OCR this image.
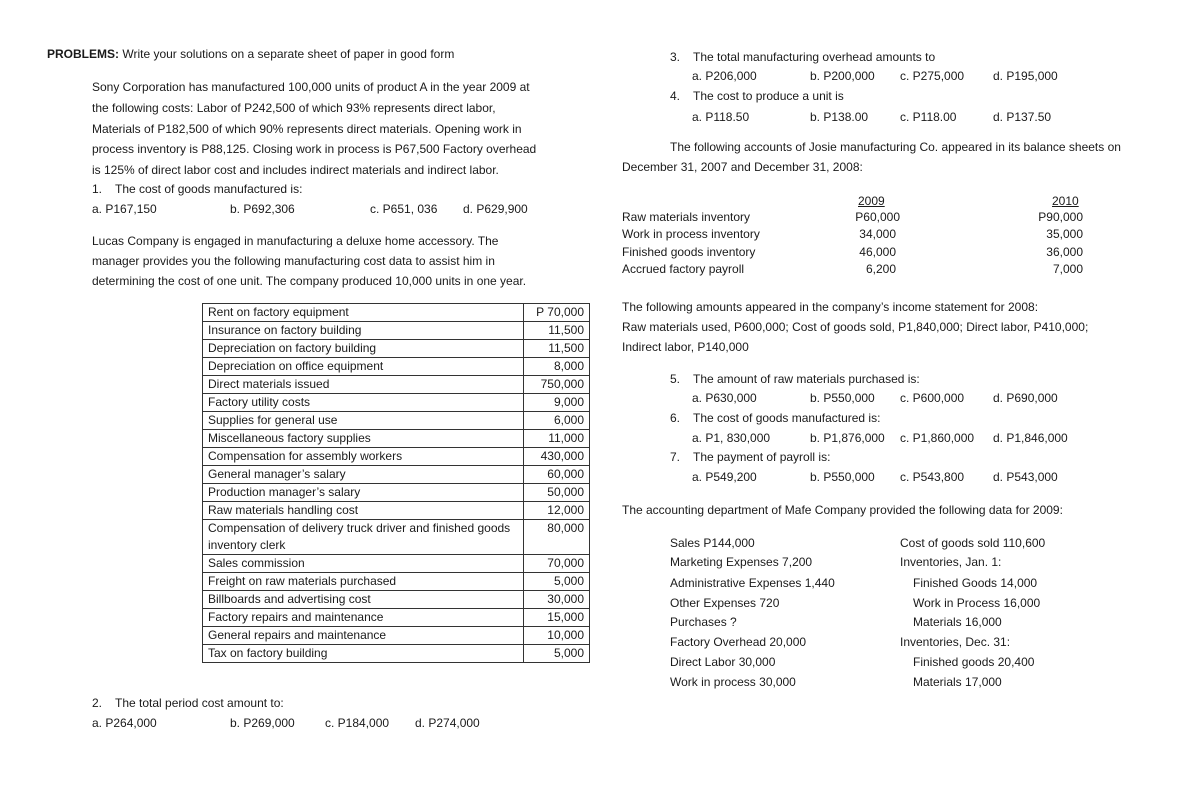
PROBLEMS: Write your solutions on a separate sheet of paper in good form
Sony Corporation has manufactured 100,000 units of product A in the year 2009 at
the following costs: Labor of P242,500 of which 93% represents direct labor,
Materials of P182,500 of which 90% represents direct materials. Opening work in
process inventory is P88,125. Closing work in process is P67,500 Factory overhead
is 125% of direct labor cost and includes indirect materials and indirect labor.
1. The cost of goods manufactured is:
a. P167,150	b. P692,306	c. P651, 036 d. P629,900
Lucas Company is engaged in manufacturing a deluxe home accessory. The
manager provides you the following manufacturing cost data to assist him in
determining the cost of one unit. The company produced 10,000 units in one year.
Rent on factory equipment	P 70,000
Insurance on factory building	11,500
Depreciation on factory building	11,500
Depreciation on office equipment	8,000
Direct materials issued	750,000
Factory utility costs	9,000
Supplies for general use	6,000
Miscellaneous factory supplies	11,000
Compensation for assembly workers	430,000
General manager’s salary	60,000
Production manager’s salary	50,000
Raw materials handling cost	12,000
Compensation of delivery truck driver and finished goods inventory clerk	80,000
Sales commission	70,000
Freight on raw materials purchased	5,000
Billboards and advertising cost	30,000
Factory repairs and maintenance	15,000
General repairs and maintenance	10,000
Tax on factory building	5,000
2. The total period cost amount to:
a. P264,000	b. P269,000	c. P184,000 d. P274,000
3. The total manufacturing overhead amounts to
a. P206,000	b. P200,000 c. P275,000 d. P195,000
4. The cost to produce a unit is
a. P118.50	b. P138.00	c. P118.00	d. P137.50
The following accounts of Josie manufacturing Co. appeared in its balance sheets on
December 31, 2007 and December 31, 2008:
2009	2010
Raw materials inventory	P60,000	P90,000
Work in process inventory	34,000	35,000
Finished goods inventory	46,000	36,000
Accrued factory payroll	6,200	7,000
The following amounts appeared in the company’s income statement for 2008:
Raw materials used, P600,000; Cost of goods sold, P1,840,000; Direct labor, P410,000;
Indirect labor, P140,000
5. The amount of raw materials purchased is:
a. P630,000	b. P550,000 c. P600,000 d. P690,000
6. The cost of goods manufactured is:
a. P1, 830,000	b. P1,876,000 c. P1,860,000 d. P1,846,000
7. The payment of payroll is:
a. P549,200	b. P550,000 c. P543,800 d. P543,000
The accounting department of Mafe Company provided the following data for 2009:
Sales P144,000
Marketing Expenses 7,200
Administrative Expenses 1,440
Other Expenses 720
Purchases ?
Factory Overhead 20,000
Direct Labor 30,000
Work in process 30,000
Cost of goods sold 110,600
Inventories, Jan. 1:
Finished Goods 14,000
Work in Process 16,000
Materials 16,000
Inventories, Dec. 31:
Finished goods 20,400
Materials 17,000
